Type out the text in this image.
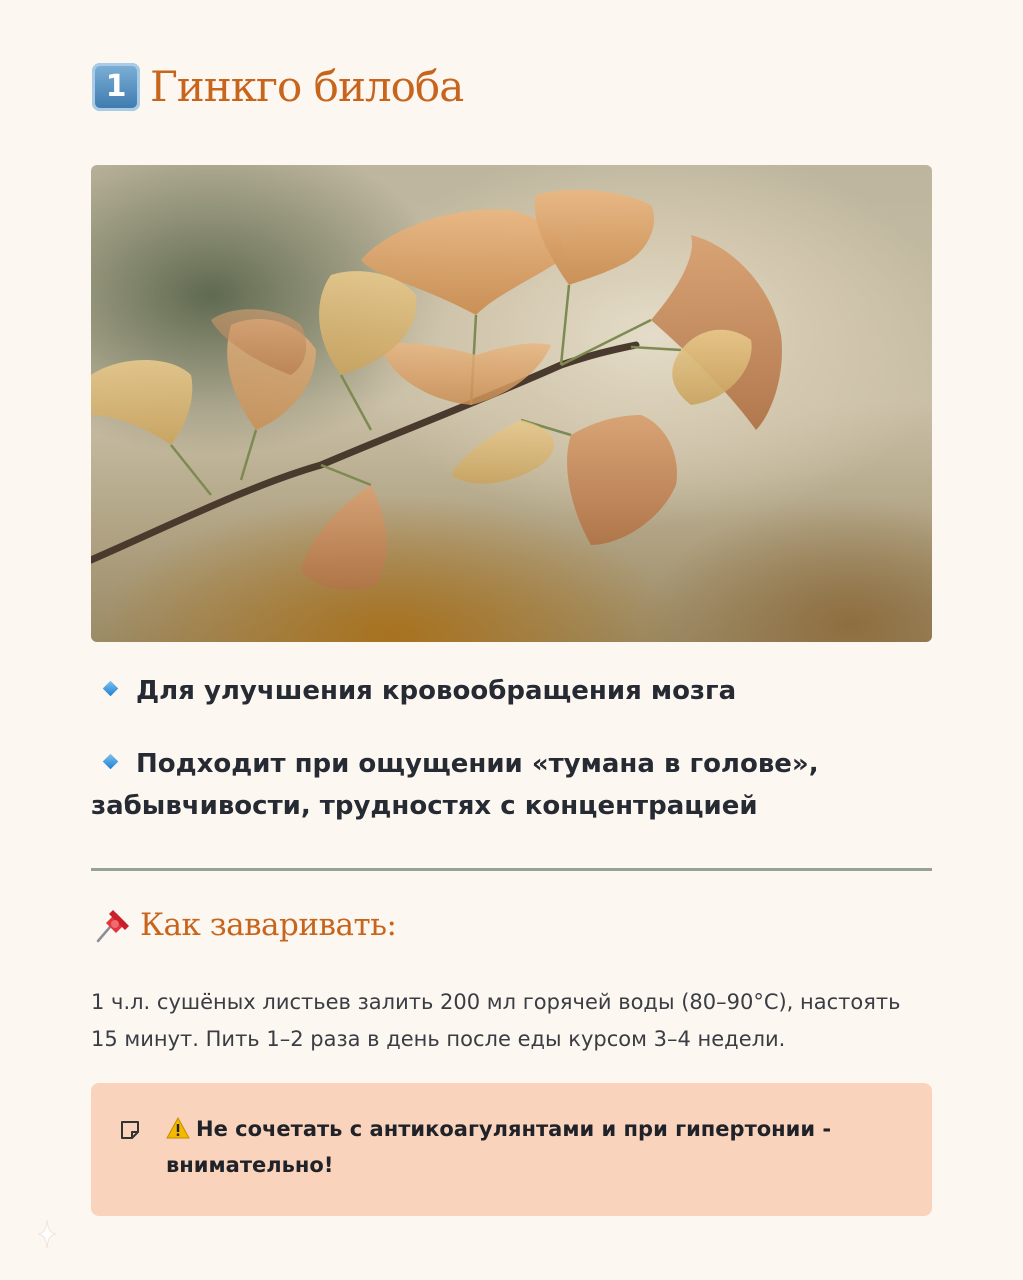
1 Гинкго билоба
Для улучшения кровообращения мозга
Подходит при ощущении «тумана в голове», забывчивости, трудностях с концентрацией
Как заваривать:
1 ч.л. сушёных листьев залить 200 мл горячей воды (80–90°C), настоять 15 минут. Пить 1–2 раза в день после еды курсом 3–4 недели.
Не сочетать с антикоагулянтами и при гипертонии - внимательно!
